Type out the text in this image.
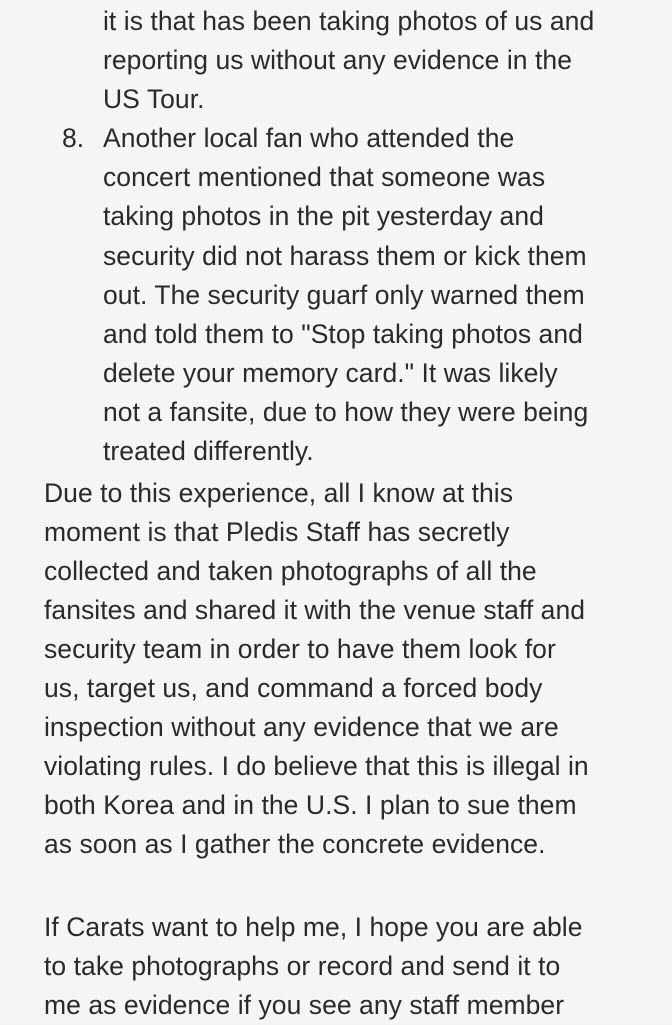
it is that has been taking photos of us and
reporting us without any evidence in the
US Tour.
8. Another local fan who attended the
concert mentioned that someone was
taking photos in the pit yesterday and
security did not harass them or kick them
out. The security guarf only warned them
and told them to "Stop taking photos and
delete your memory card." It was likely
not a fansite, due to how they were being
treated differently.
Due to this experience, all I know at this
moment is that Pledis Staff has secretly
collected and taken photographs of all the
fansites and shared it with the venue staff and
security team in order to have them look for
us, target us, and command a forced body
inspection without any evidence that we are
violating rules. I do believe that this is illegal in
both Korea and in the U.S. I plan to sue them
as soon as I gather the concrete evidence.
If Carats want to help me, I hope you are able
to take photographs or record and send it to
me as evidence if you see any staff member
